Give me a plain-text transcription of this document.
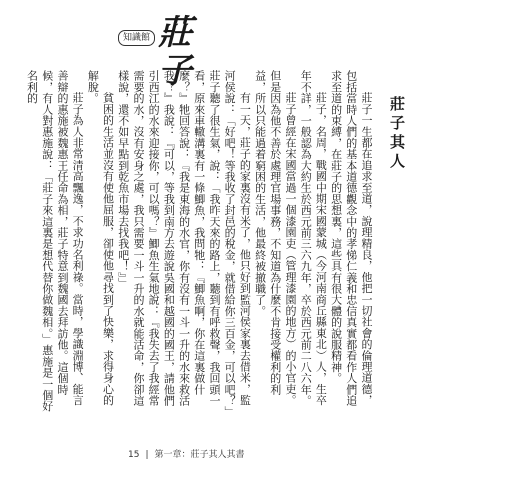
知識館 莊子
莊子其人

莊子一生都在追求至道，說理精良，他把一切社會的倫理道德，包括當時人們的基本道德觀念中的孝悌仁義和忠信真實都看作人們追求至道的束縛，在莊子的思想裏，這些具有很大體的說服精神。

莊子，名周，戰國中期宋國蒙城（今河南商丘縣東北）人，生卒年不詳，一般認為大約生於西元前三六九年，卒於西元前二八六年。

莊子曾經在宋國當過一個漆園吏（管理漆園的地方）的小官吏。但是因為他不善於處理官場事務，不知道為什麼不肯接受權利的利益，所以只能過着窮困的生活，他最終被撤職了。

有一天，莊子的家裏沒有米了，他只好到監河侯家裏去借米，監河侯說：「好吧！等我收了封邑的稅金，就借給你三百金，可以吧？」莊子聽了很生氣，說：「我昨天來的路上，聽到有呼救聲，我回頭一看，原來車轍溝裏有一條鯽魚，我問牠：『鯽魚啊，你在這裏做什麼？』牠回答說：『我是東海的水官，你有沒有一斗一升的水來救活我？』我說：『可以，等我到南方去遊說吳國和越國的國王，請他們引西江的水來迎接你，可以嗎？』鯽魚生氣地說：『我失去了我經常需要的水，沒有安身之處，我只需要一斗一升的水就能活命，你卻這樣說，還不如早點到乾魚市場去找我吧！』」

貧困的生活並沒有使他屈服，卻使他尋找到了快樂，求得身心的解脫。

莊子為人非常清高飄逸，不求功名利祿。當時，學識淵博、能言善辯的惠施被魏惠王任命為相，莊子特意到魏國去拜訪他。這個時候，有人對惠施說：「莊子來這裏是想代替你做魏相。」惠施是一個好名利的

15 | 第一章：莊子其人其書
